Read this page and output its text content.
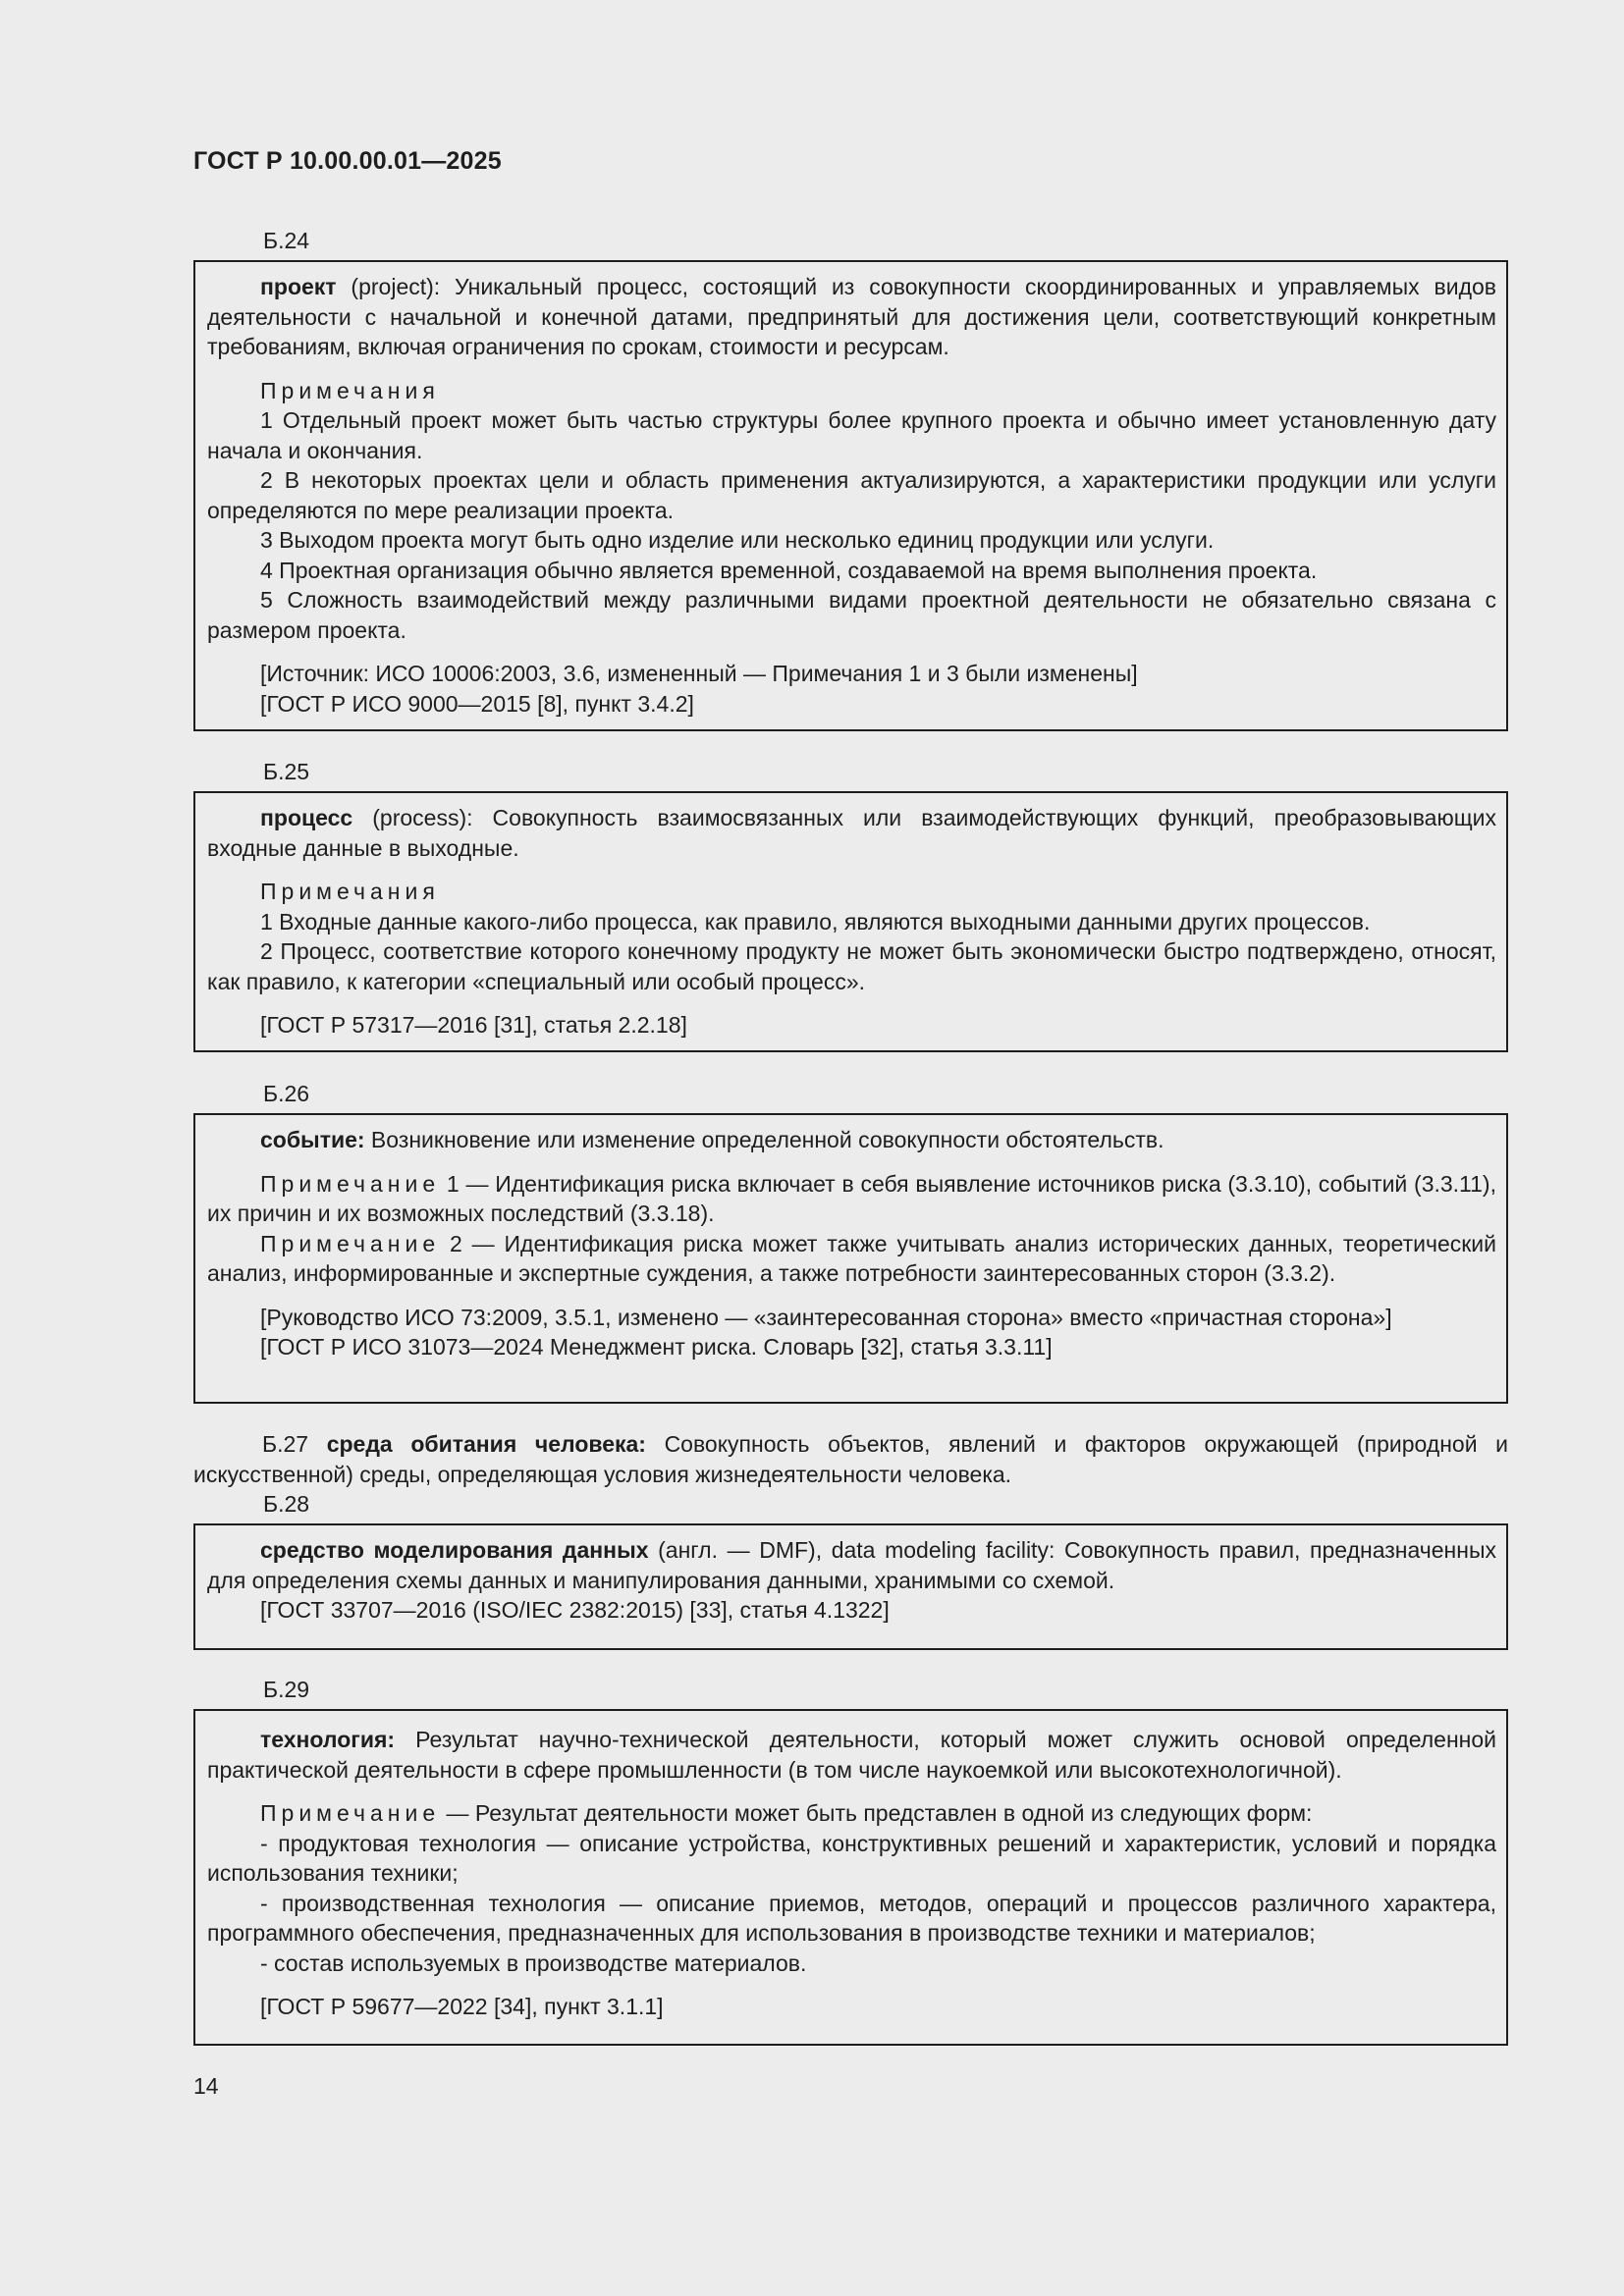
ГОСТ Р 10.00.00.01—2025
Б.24

проект (project): Уникальный процесс, состоящий из совокупности скоординированных и управляемых видов деятельности с начальной и конечной датами, предпринятый для достижения цели, соответствующий конкретным требованиям, включая ограничения по срокам, стоимости и ресурсам.

Примечания

1 Отдельный проект может быть частью структуры более крупного проекта и обычно имеет установленную дату начала и окончания.

2 В некоторых проектах цели и область применения актуализируются, а характеристики продукции или услуги определяются по мере реализации проекта.

3 Выходом проекта могут быть одно изделие или несколько единиц продукции или услуги.

4 Проектная организация обычно является временной, создаваемой на время выполнения проекта.

5 Сложность взаимодействий между различными видами проектной деятельности не обязательно связана с размером проекта.

[Источник: ИСО 10006:2003, 3.6, измененный — Примечания 1 и 3 были изменены]

[ГОСТ Р ИСО 9000—2015 [8], пункт 3.4.2]

Б.25

процесс (process): Совокупность взаимосвязанных или взаимодействующих функций, преобразовывающих входные данные в выходные.

Примечания

1 Входные данные какого-либо процесса, как правило, являются выходными данными других процессов.

2 Процесс, соответствие которого конечному продукту не может быть экономически быстро подтверждено, относят, как правило, к категории «специальный или особый процесс».

[ГОСТ Р 57317—2016 [31], статья 2.2.18]

Б.26

событие: Возникновение или изменение определенной совокупности обстоятельств.

Примечание 1 — Идентификация риска включает в себя выявление источников риска (3.3.10), событий (3.3.11), их причин и их возможных последствий (3.3.18).

Примечание 2 — Идентификация риска может также учитывать анализ исторических данных, теоретический анализ, информированные и экспертные суждения, а также потребности заинтересованных сторон (3.3.2).

[Руководство ИСО 73:2009, 3.5.1, изменено — «заинтересованная сторона» вместо «причастная сторона»]

[ГОСТ Р ИСО 31073—2024 Менеджмент риска. Словарь [32], статья 3.3.11]

Б.27 среда обитания человека: Совокупность объектов, явлений и факторов окружающей (природной и искусственной) среды, определяющая условия жизнедеятельности человека.
Б.28

средство моделирования данных (англ. — DMF), data modeling facility: Совокупность правил, предназначенных для определения схемы данных и манипулирования данными, хранимыми со схемой.

[ГОСТ 33707—2016 (ISO/IEC 2382:2015) [33], статья 4.1322]

Б.29

технология: Результат научно-технической деятельности, который может служить основой определенной практической деятельности в сфере промышленности (в том числе наукоемкой или высокотехнологичной).

Примечание — Результат деятельности может быть представлен в одной из следующих форм:

- продуктовая технология — описание устройства, конструктивных решений и характеристик, условий и порядка использования техники;

- производственная технология — описание приемов, методов, операций и процессов различного характера, программного обеспечения, предназначенных для использования в производстве техники и материалов;

- состав используемых в производстве материалов.

[ГОСТ Р 59677—2022 [34], пункт 3.1.1]

14
